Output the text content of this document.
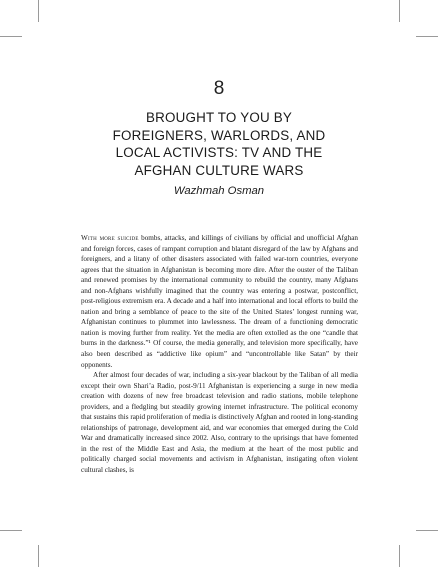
8
BROUGHT TO YOU BY
FOREIGNERS, WARLORDS, AND
LOCAL ACTIVISTS: TV AND THE
AFGHAN CULTURE WARS

Wazhmah Osman

With more suicide bombs, attacks, and killings of civilians by official and unofficial Afghan and foreign forces, cases of rampant corruption and blatant disregard of the law by Afghans and foreigners, and a litany of other disasters associated with failed war-torn countries, everyone agrees that the situation in Afghanistan is becoming more dire. After the ouster of the Taliban and renewed promises by the international community to rebuild the country, many Afghans and non-Afghans wishfully imagined that the country was entering a postwar, postconflict, post-religious extremism era. A decade and a half into international and local efforts to build the nation and bring a semblance of peace to the site of the United States’ longest running war, Afghanistan continues to plummet into lawlessness. The dream of a functioning democratic nation is moving further from reality. Yet the media are often extolled as the one “candle that burns in the darkness.”¹ Of course, the media generally, and television more specifically, have also been described as “addictive like opium” and “uncontrollable like Satan” by their opponents.

After almost four decades of war, including a six-year blackout by the Taliban of all media except their own Shari’a Radio, post-9/11 Afghanistan is experiencing a surge in new media creation with dozens of new free broadcast television and radio stations, mobile telephone providers, and a fledgling but steadily growing internet infrastructure. The political economy that sustains this rapid proliferation of media is distinctively Afghan and rooted in long-standing relationships of patronage, development aid, and war economies that emerged during the Cold War and dramatically increased since 2002. Also, contrary to the uprisings that have fomented in the rest of the Middle East and Asia, the medium at the heart of the most public and politically charged social movements and activism in Afghanistan, instigating often violent cultural clashes, is
